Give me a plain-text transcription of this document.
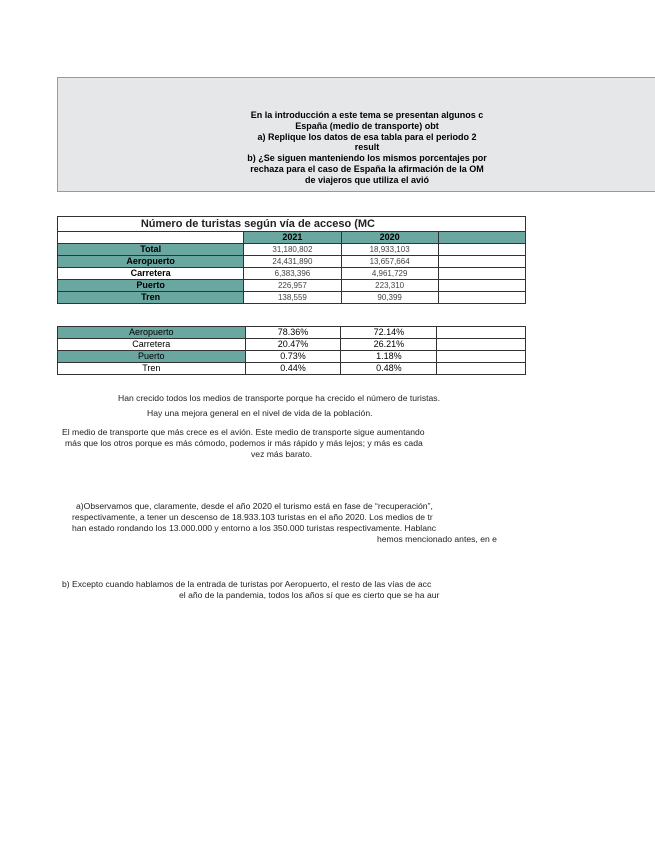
En la introducción a este tema se presentan algunos c
España (medio de transporte) obt
a) Replique los datos de esa tabla para el periodo 2
result
b) ¿Se siguen manteniendo los mismos porcentajes por
rechaza para el caso de España la afirmación de la OM
de viajeros que utiliza el avió
Número de turistas según vía de acceso (MC			
	2021	2020	
Total	31,180,802	18,933,103	
Aeropuerto	24,431,890	13,657,664	
Carretera	6,383,396	4,961,729	
Puerto	226,957	223,310	
Tren	138,559	90,399	
Aeropuerto	78.36%	72.14%	
Carretera	20.47%	26.21%	
Puerto	0.73%	1.18%	
Tren	0.44%	0.48%	
Han crecido todos los medios de transporte porque ha crecido el número de turistas.
Hay una mejora general en el nivel de vida de la población.
El medio de transporte que más crece es el avión. Este medio de transporte sigue aumentando
más que los otros porque es más cómodo, podemos ir más rápido y más lejos; y más es cada
vez más barato.
a)Observamos que, claramente, desde el año 2020 el turismo está en fase de “recuperación”,
respectivamente, a tener un descenso de 18.933.103 turistas en el año 2020. Los medios de tr
han estado rondando los 13.000.000 y entorno a los 350.000 turistas respectivamente. Hablanc
hemos mencionado antes, en e
b) Excepto cuando hablamos de la entrada de turistas por Aeropuerto, el resto de las vías de acc
el año de la pandemia, todos los años sí que es cierto que se ha aur
